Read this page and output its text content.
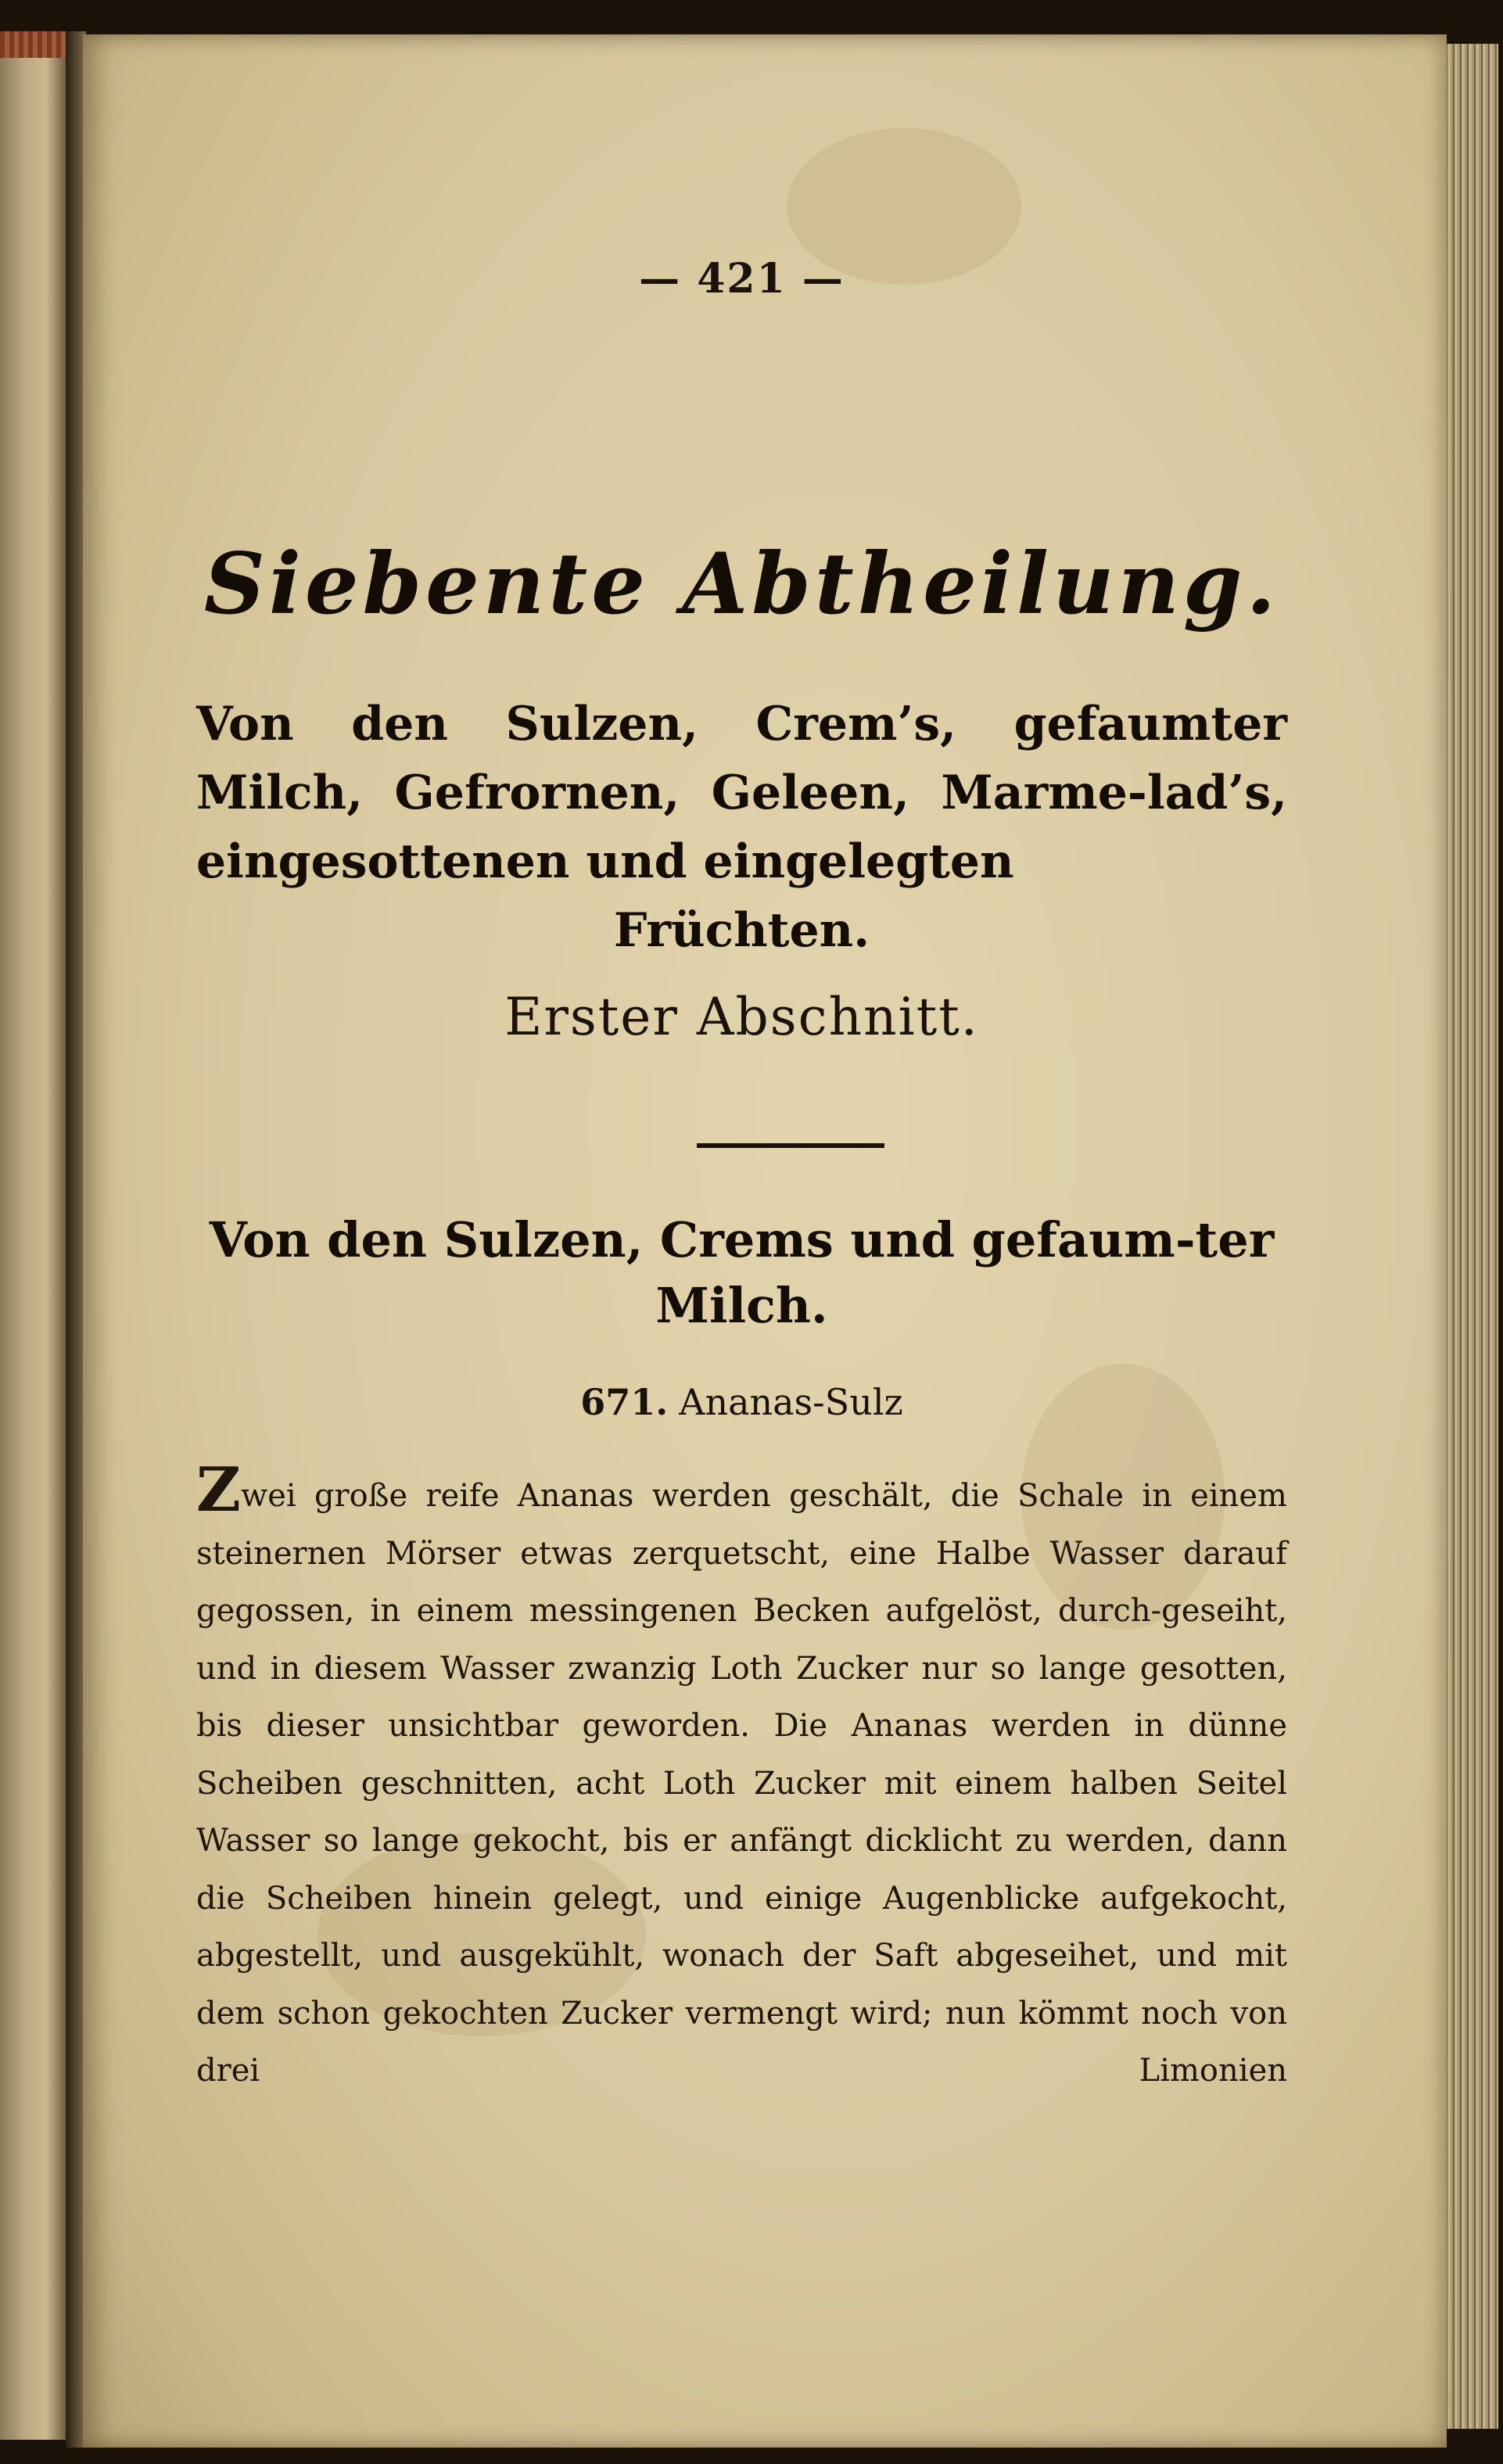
— 421 —
Siebente Abtheilung.
Von den Sulzen, Crem’s, gefaumter Milch, Gefrornen, Geleen, Marme-lad’s, eingesottenen und eingelegten
Früchten.
Erster Abschnitt.
Von den Sulzen, Crems und gefaum-ter Milch.
671. Ananas-Sulz
Zwei große reife Ananas werden geschält, die Schale in einem steinernen Mörser etwas zerquetscht, eine Halbe Wasser darauf gegossen, in einem messingenen Becken aufgelöst, durch-geseiht, und in diesem Wasser zwanzig Loth Zucker nur so lange gesotten, bis dieser unsichtbar geworden. Die Ananas werden in dünne Scheiben geschnitten, acht Loth Zucker mit einem halben Seitel Wasser so lange gekocht, bis er anfängt dicklicht zu werden, dann die Scheiben hinein gelegt, und einige Augenblicke aufgekocht, abgestellt, und ausgekühlt, wonach der Saft abgeseihet, und mit dem schon gekochten Zucker vermengt wird; nun kömmt noch von drei Limonien
